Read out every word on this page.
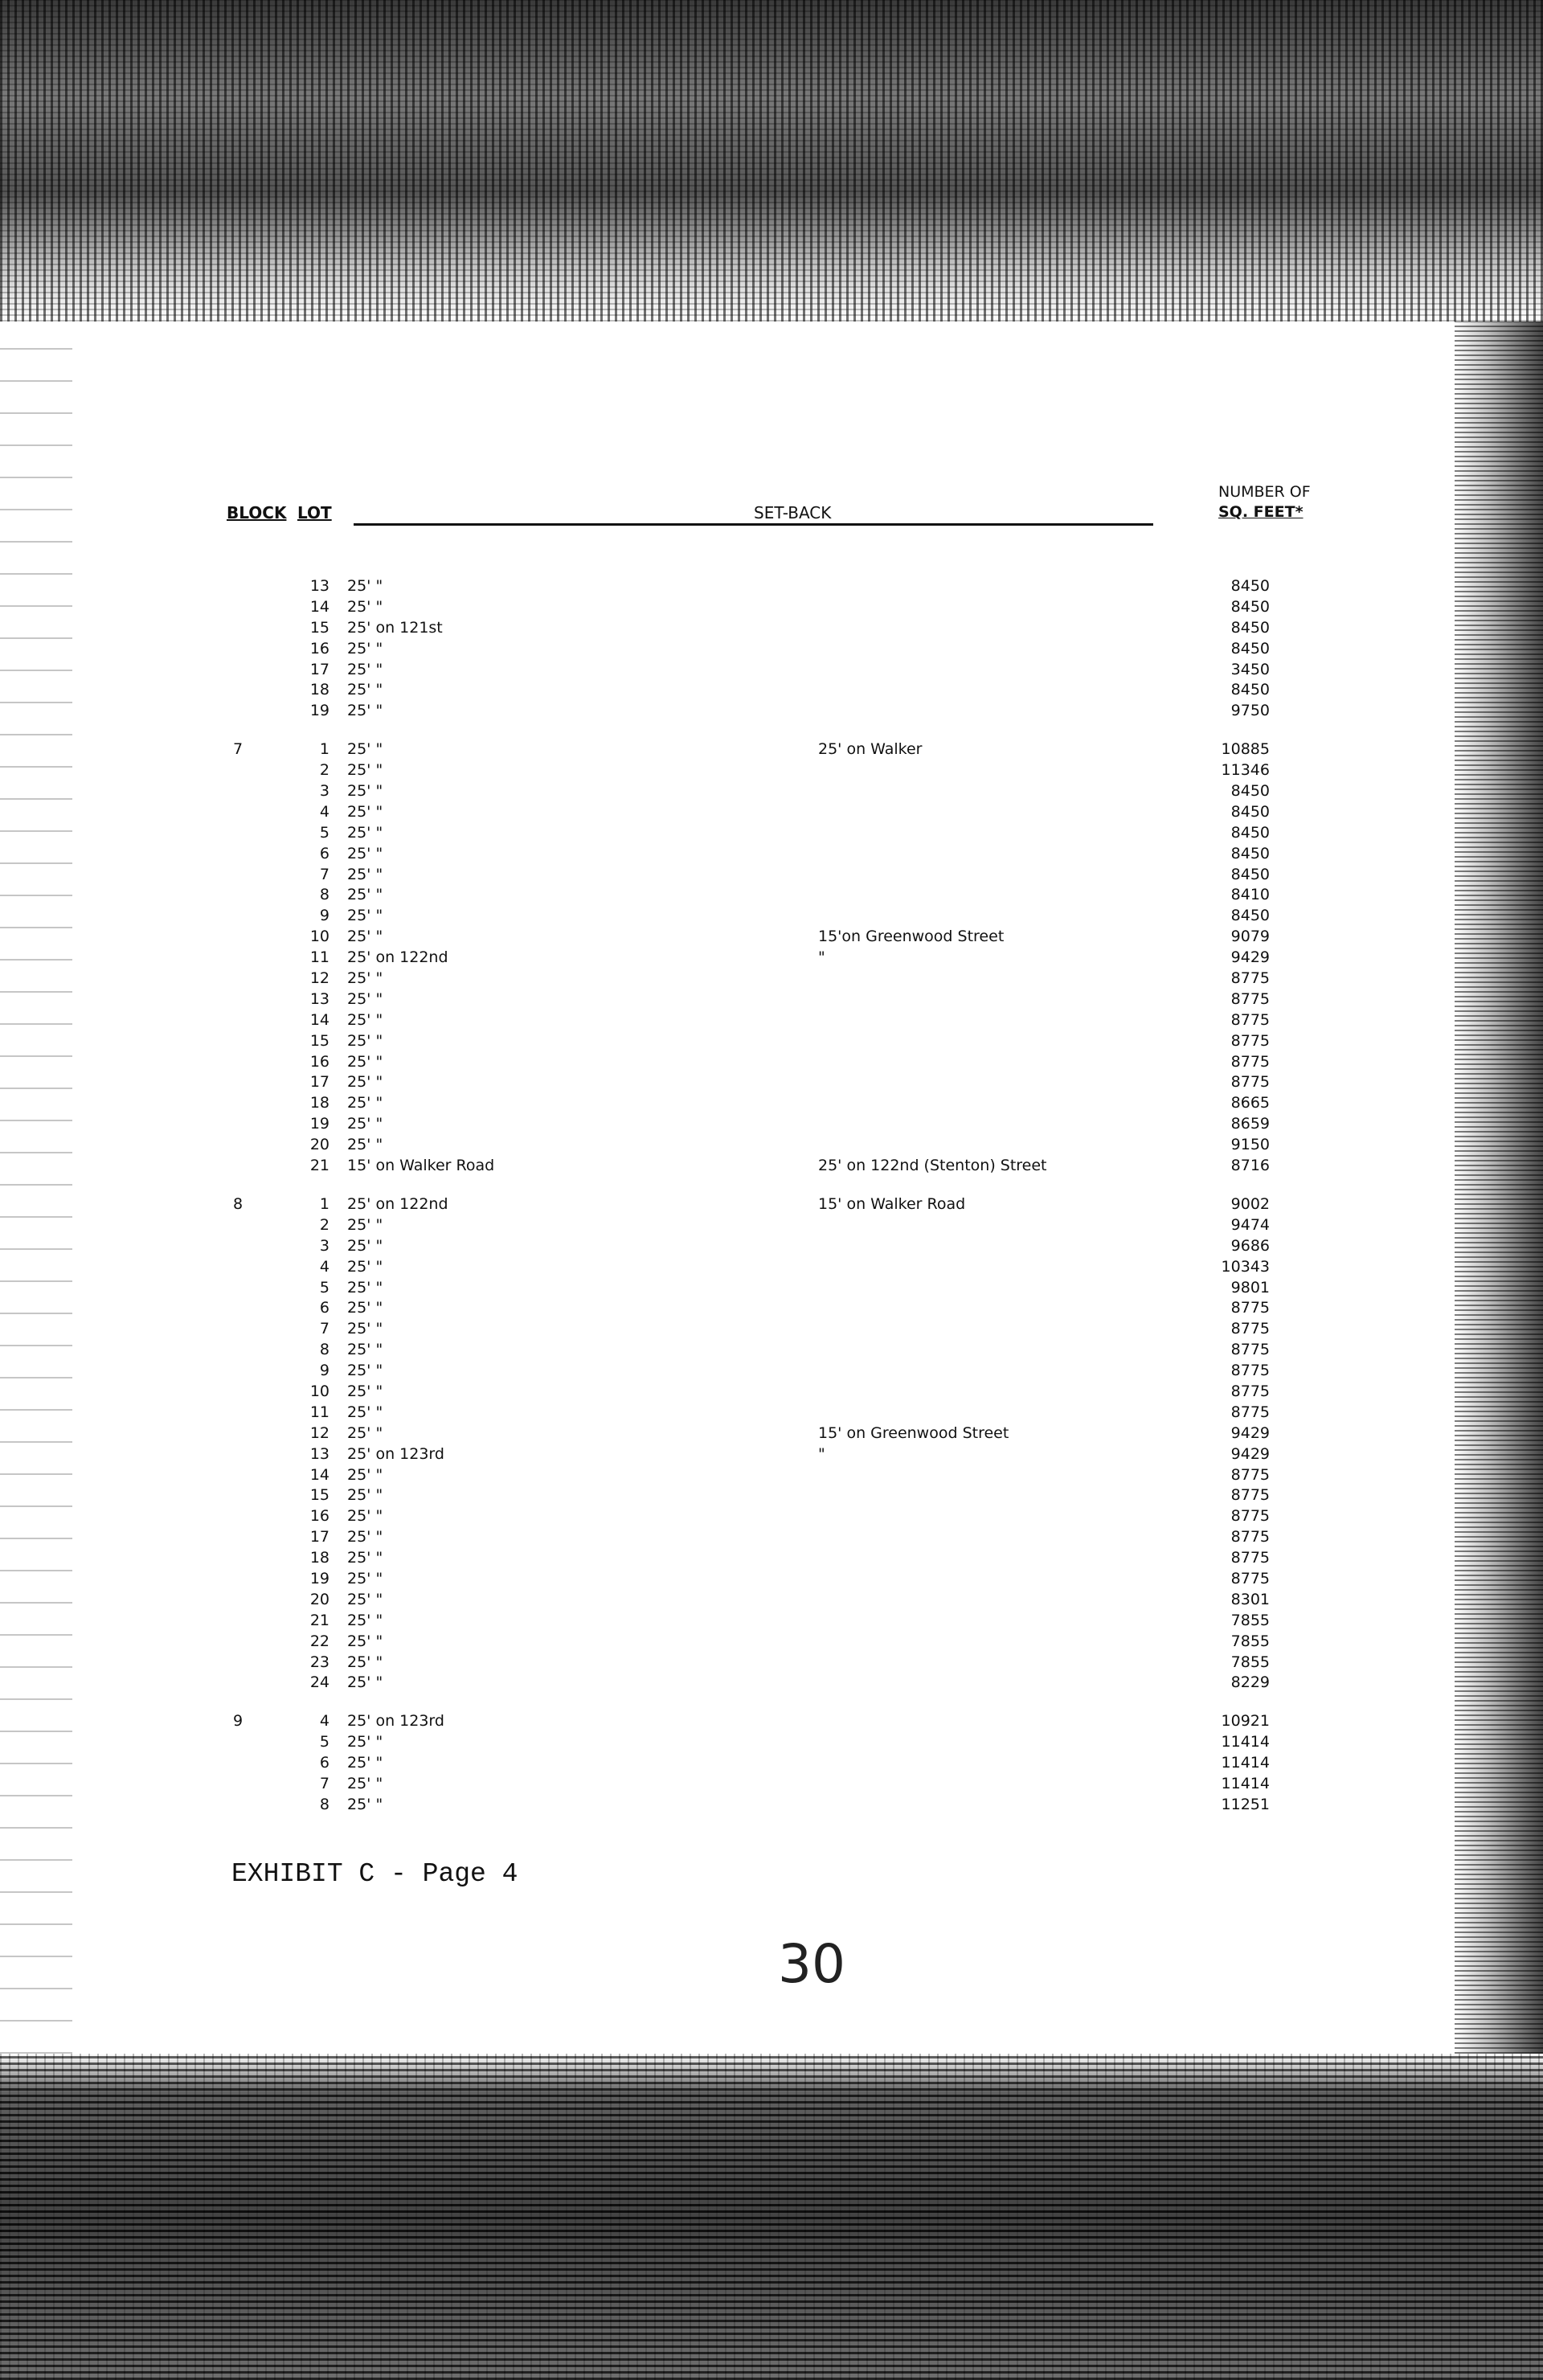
BLOCK LOT	SET-BACK
NUMBER OF
SQ. FEET*
13 25' "	8450
14 25' "	8450
15 25' on 121st	8450
16 25' "	8450
17 25' "	3450
18 25' "	8450
19 25' "	9750
7	1 25' "	25' on Walker	10885
2 25' "	11346
3 25' "	8450
4 25' "	8450
5 25' "	8450
6 25' "	8450
7 25' "	8450
8 25' "	8410
9 25' "	8450
10 25' "	15'on Greenwood Street	9079
11 25' on 122nd	"	9429
12 25' "	8775
13 25' "	8775
14 25' "	8775
15 25' "	8775
16 25' "	8775
17 25' "	8775
18 25' "	8665
19 25' "	8659
20 25' "	9150
21 15' on Walker Road	25' on 122nd (Stenton) Street	8716
8	1 25' on 122nd	15' on Walker Road	9002
2 25' "	9474
3 25' "	9686
4 25' "	10343
5 25' "	9801
6 25' "	8775
7 25' "	8775
8 25' "	8775
9 25' "	8775
10 25' "	8775
11 25' "	8775
12 25' "	15' on Greenwood Street	9429
13 25' on 123rd	"	9429
14 25' "	8775
15 25' "	8775
16 25' "	8775
17 25' "	8775
18 25' "	8775
19 25' "	8775
20 25' "	8301
21 25' "	7855
22 25' "	7855
23 25' "	7855
24 25' "	8229
9	4 25' on 123rd	10921
5 25' "	11414
6 25' "	11414
7 25' "	11414
8 25' "	11251
EXHIBIT C - Page 4
30
